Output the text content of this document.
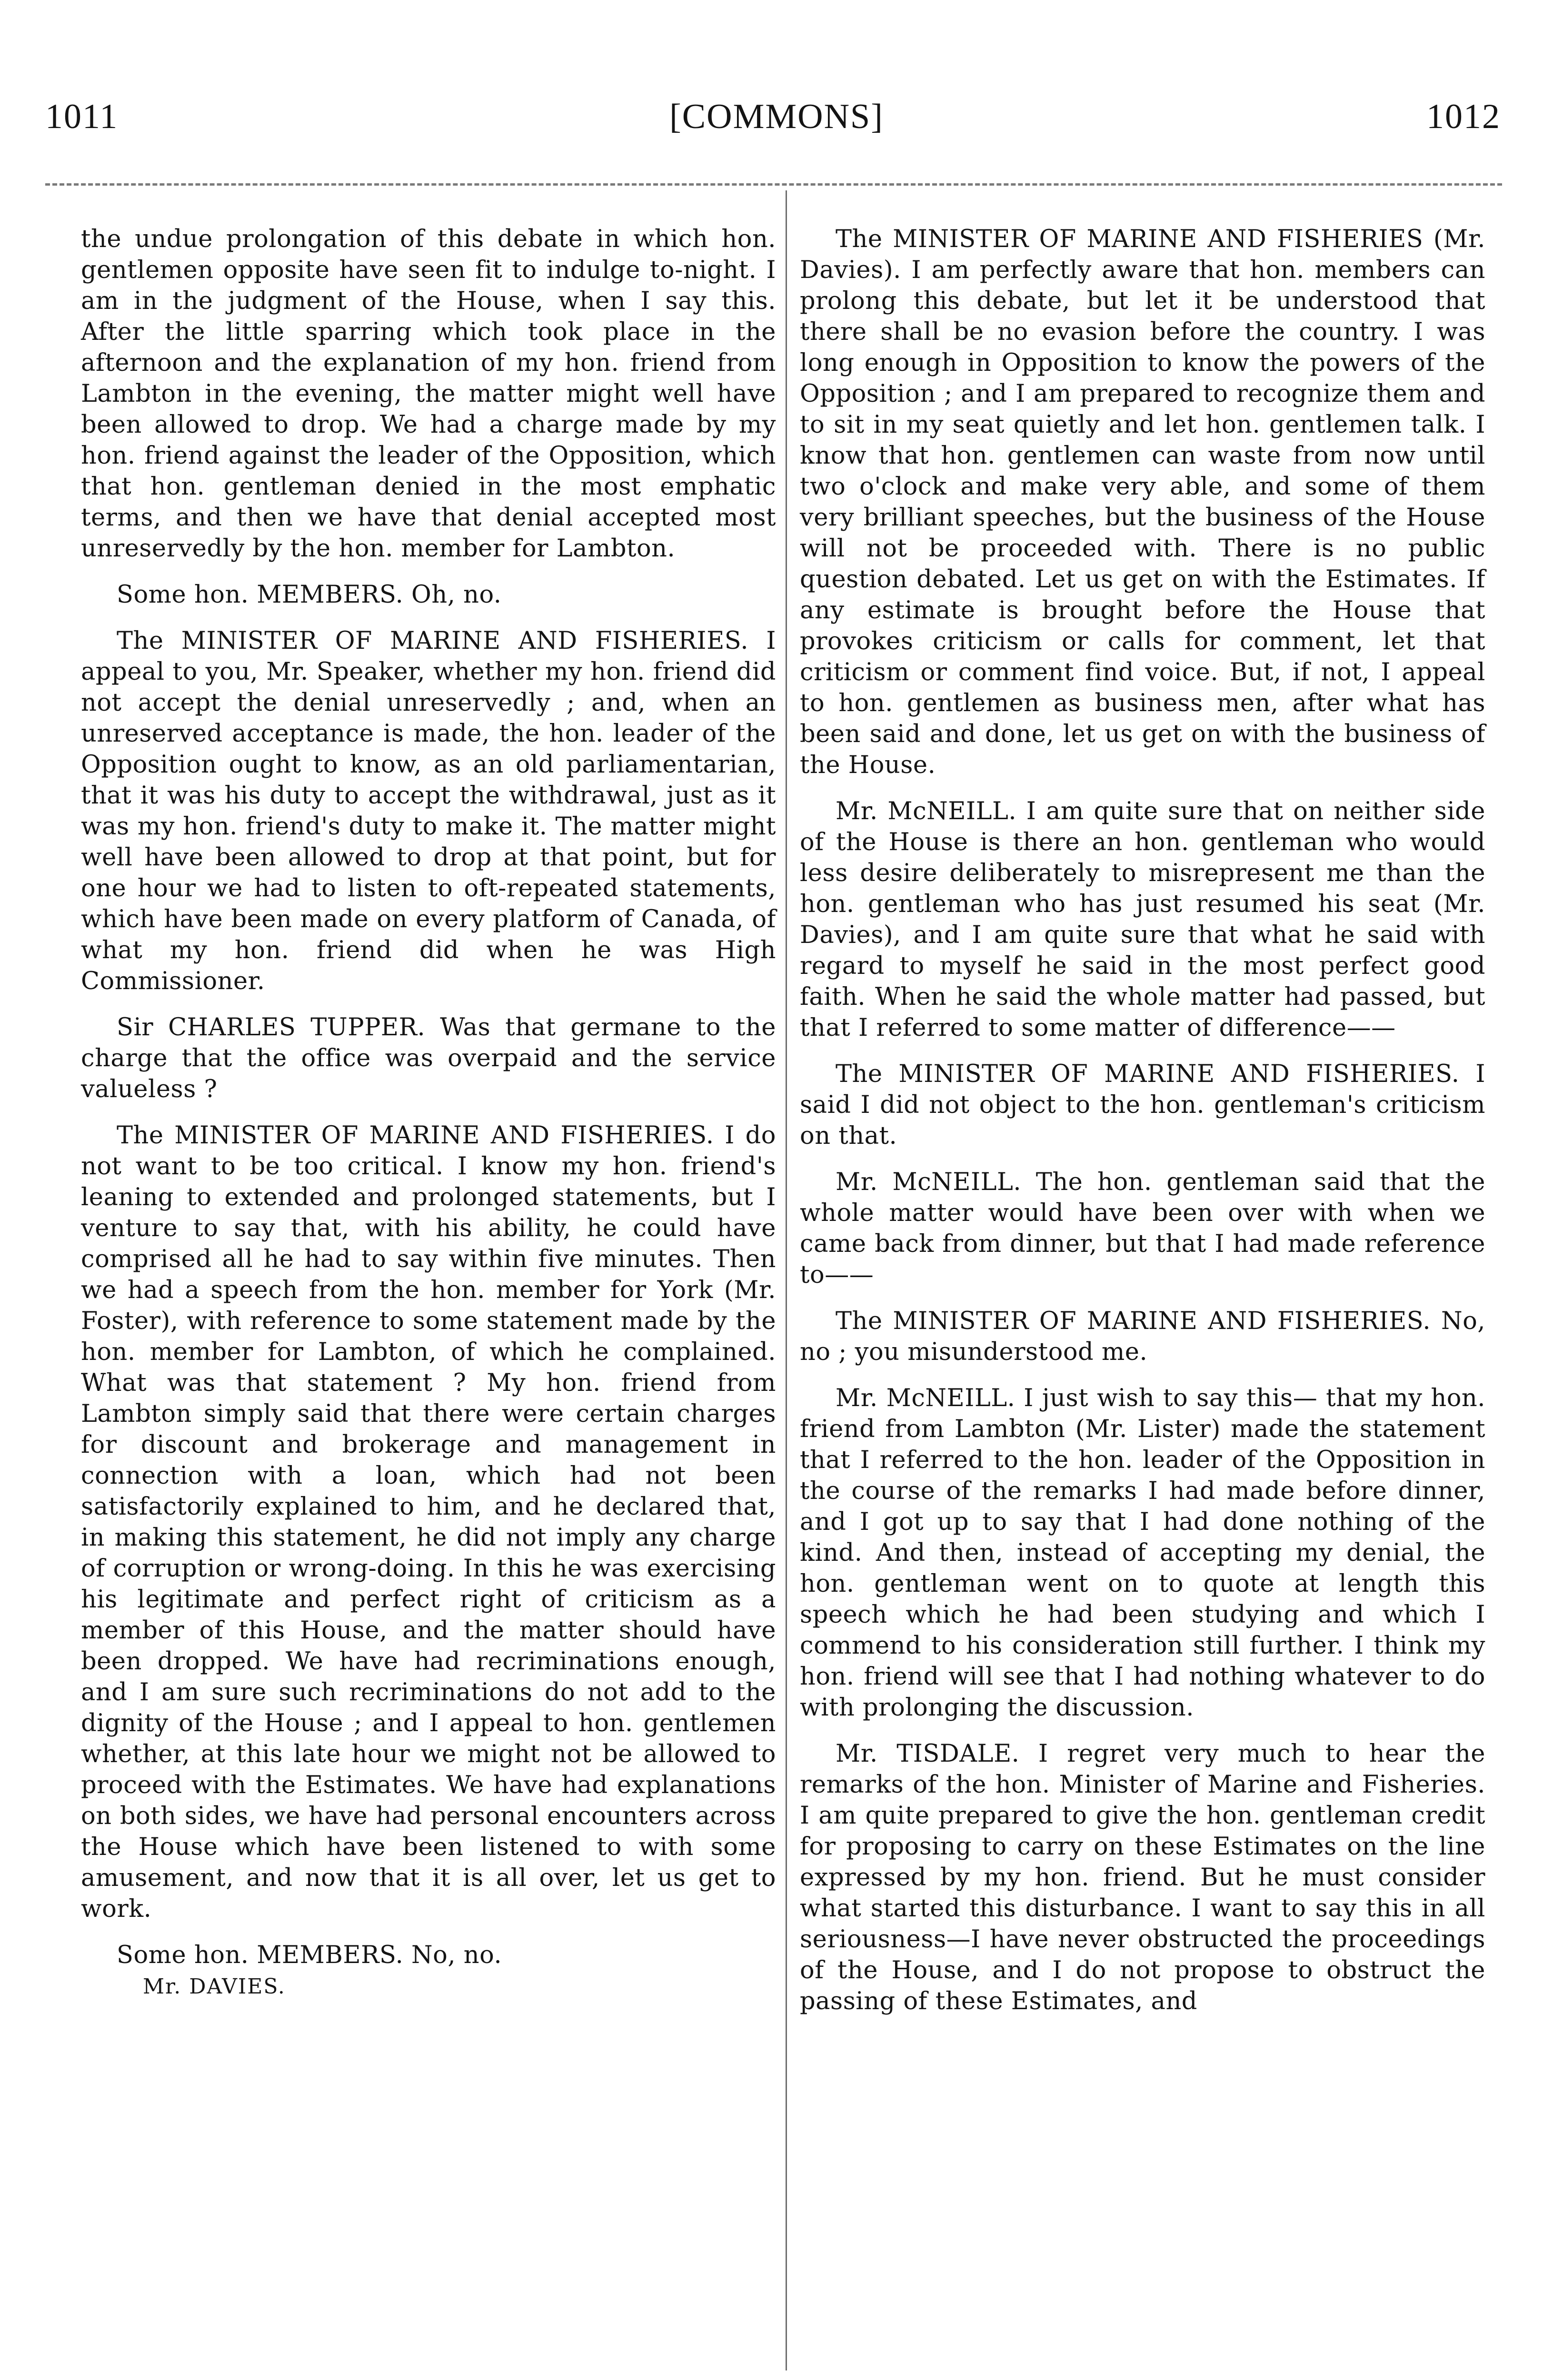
1011	[COMMONS]	1012

the undue prolongation of this debate in which hon. gentlemen opposite have seen fit to indulge to-night. I am in the judgment of the House, when I say this. After the little sparring which took place in the afternoon and the explanation of my hon. friend from Lambton in the evening, the matter might well have been allowed to drop. We had a charge made by my hon. friend against the leader of the Opposition, which that hon. gentleman denied in the most emphatic terms, and then we have that denial accepted most unreservedly by the hon. member for Lambton.

Some hon. MEMBERS. Oh, no.

The MINISTER OF MARINE AND FISHERIES. I appeal to you, Mr. Speaker, whether my hon. friend did not accept the denial unreservedly ; and, when an unreserved acceptance is made, the hon. leader of the Opposition ought to know, as an old parliamentarian, that it was his duty to accept the withdrawal, just as it was my hon. friend's duty to make it. The matter might well have been allowed to drop at that point, but for one hour we had to listen to oft-repeated statements, which have been made on every platform of Canada, of what my hon. friend did when he was High Commissioner.

Sir CHARLES TUPPER. Was that germane to the charge that the office was overpaid and the service valueless ?

The MINISTER OF MARINE AND FISHERIES. I do not want to be too critical. I know my hon. friend's leaning to extended and prolonged statements, but I venture to say that, with his ability, he could have comprised all he had to say within five minutes. Then we had a speech from the hon. member for York (Mr. Foster), with reference to some statement made by the hon. member for Lambton, of which he complained. What was that statement ? My hon. friend from Lambton simply said that there were certain charges for discount and brokerage and management in connection with a loan, which had not been satisfactorily explained to him, and he declared that, in making this statement, he did not imply any charge of corruption or wrong-doing. In this he was exercising his legitimate and perfect right of criticism as a member of this House, and the matter should have been dropped. We have had recriminations enough, and I am sure such recriminations do not add to the dignity of the House ; and I appeal to hon. gentlemen whether, at this late hour we might not be allowed to proceed with the Estimates. We have had explanations on both sides, we have had personal encounters across the House which have been listened to with some amusement, and now that it is all over, let us get to work.

Some hon. MEMBERS. No, no.

Mr. DAVIES.

The MINISTER OF MARINE AND FISHERIES (Mr. Davies). I am perfectly aware that hon. members can prolong this debate, but let it be understood that there shall be no evasion before the country. I was long enough in Opposition to know the powers of the Opposition ; and I am prepared to recognize them and to sit in my seat quietly and let hon. gentlemen talk. I know that hon. gentlemen can waste from now until two o'clock and make very able, and some of them very brilliant speeches, but the business of the House will not be proceeded with. There is no public question debated. Let us get on with the Estimates. If any estimate is brought before the House that provokes criticism or calls for comment, let that criticism or comment find voice. But, if not, I appeal to hon. gentlemen as business men, after what has been said and done, let us get on with the business of the House.

Mr. McNEILL. I am quite sure that on neither side of the House is there an hon. gentleman who would less desire deliberately to misrepresent me than the hon. gentleman who has just resumed his seat (Mr. Davies), and I am quite sure that what he said with regard to myself he said in the most perfect good faith. When he said the whole matter had passed, but that I referred to some matter of difference——

The MINISTER OF MARINE AND FISHERIES. I said I did not object to the hon. gentleman's criticism on that.

Mr. McNEILL. The hon. gentleman said that the whole matter would have been over with when we came back from dinner, but that I had made reference to——

The MINISTER OF MARINE AND FISHERIES. No, no ; you misunderstood me.

Mr. McNEILL. I just wish to say this— that my hon. friend from Lambton (Mr. Lister) made the statement that I referred to the hon. leader of the Opposition in the course of the remarks I had made before dinner, and I got up to say that I had done nothing of the kind. And then, instead of accepting my denial, the hon. gentleman went on to quote at length this speech which he had been studying and which I commend to his consideration still further. I think my hon. friend will see that I had nothing whatever to do with prolonging the discussion.

Mr. TISDALE. I regret very much to hear the remarks of the hon. Minister of Marine and Fisheries. I am quite prepared to give the hon. gentleman credit for proposing to carry on these Estimates on the line expressed by my hon. friend. But he must consider what started this disturbance. I want to say this in all seriousness—I have never obstructed the proceedings of the House, and I do not propose to obstruct the passing of these Estimates, and
